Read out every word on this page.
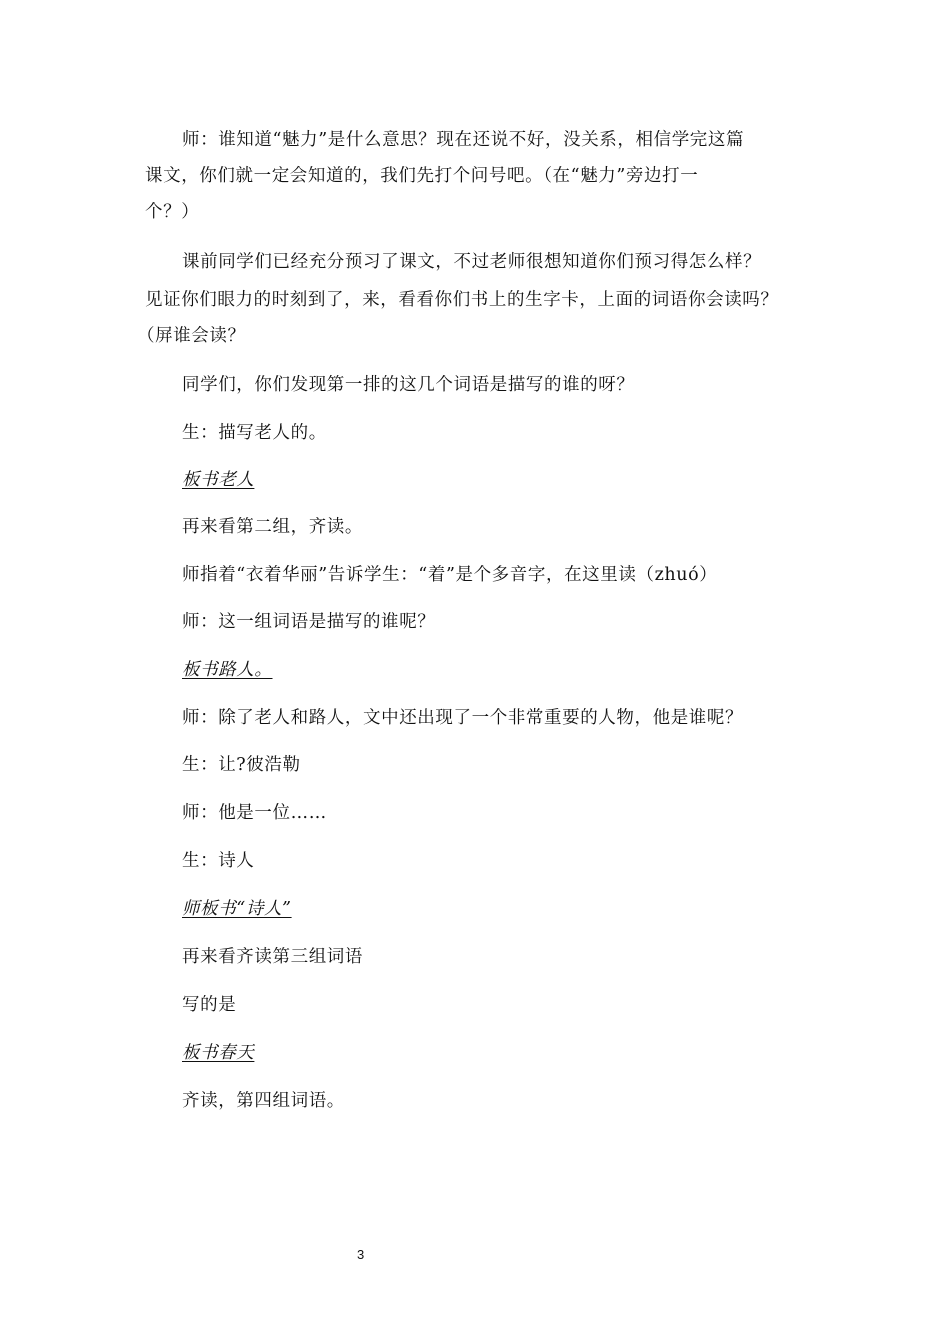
师：谁知道“魅力”是什么意思？现在还说不好，没关系，相信学完这篇
课文，你们就一定会知道的，我们先打个问号吧。（在“魅力”旁边打一
个？）
课前同学们已经充分预习了课文，不过老师很想知道你们预习得怎么样？
见证你们眼力的时刻到了，来，看看你们书上的生字卡，上面的词语你会读吗？
（屏谁会读？
同学们，你们发现第一排的这几个词语是描写的谁的呀？
生：描写老人的。
板书老人
再来看第二组，齐读。
师指着“衣着华丽”告诉学生：“着”是个多音字，在这里读（zhuó）
师：这一组词语是描写的谁呢？
板书路人。
师：除了老人和路人，文中还出现了一个非常重要的人物，他是谁呢？
生：让?彼浩勒
师：他是一位……
生：诗人
师板书“诗人”
再来看齐读第三组词语
写的是
板书春天
齐读，第四组词语。
3
